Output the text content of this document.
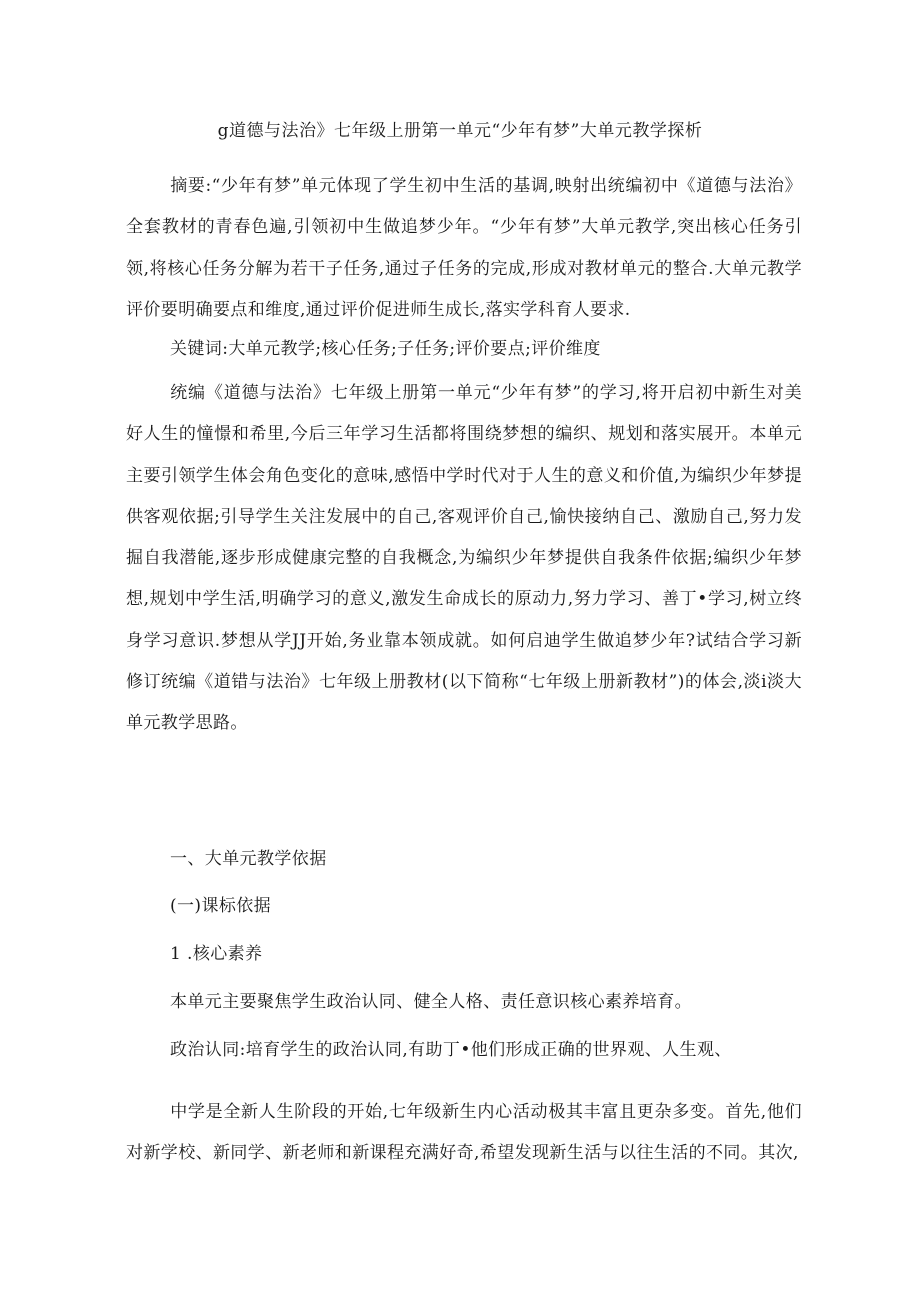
g道德与法治》七年级上册第一单元“少年有梦”大单元教学探析
摘要:“少年有梦”单元体现了学生初中生活的基调,映射出统编初中《道德与法治》全套教材的青春色遍,引领初中生做追梦少年。“少年有梦”大单元教学,突出核心任务引领,将核心任务分解为若干子任务,通过子任务的完成,形成对教材单元的整合.大单元教学评价要明确要点和维度,通过评价促进师生成长,落实学科育人要求.
关键词:大单元教学;核心任务;子任务;评价要点;评价维度
统编《道德与法治》七年级上册第一单元“少年有梦”的学习,将开启初中新生对美好人生的憧憬和希里,今后三年学习生活都将围绕梦想的编织、规划和落实展开。本单元主要引领学生体会角色变化的意味,感悟中学时代对于人生的意义和价值,为编织少年梦提供客观依据;引导学生关注发展中的自己,客观评价自己,愉快接纳自己、激励自己,努力发掘自我潜能,逐步形成健康完整的自我概念,为编织少年梦提供自我条件依据;编织少年梦想,规划中学生活,明确学习的意义,激发生命成长的原动力,努力学习、善丁•学习,树立终身学习意识.梦想从学JJ开始,务业靠本领成就。如何启迪学生做追梦少年?试结合学习新修订统编《道错与法治》七年级上册教材(以下简称“七年级上册新教材”)的体会,淡i淡大单元教学思路。
一、大单元教学依据
(一)课标依据
1 .核心素养
本单元主要聚焦学生政治认同、健全人格、责任意识核心素养培育。
政治认同:培育学生的政治认同,有助丁•他们形成正确的世界观、人生观、
中学是全新人生阶段的开始,七年级新生内心活动极其丰富且更杂多变。首先,他们对新学校、新同学、新老师和新课程充满好奇,希望发现新生活与以往生活的不同。其次,
